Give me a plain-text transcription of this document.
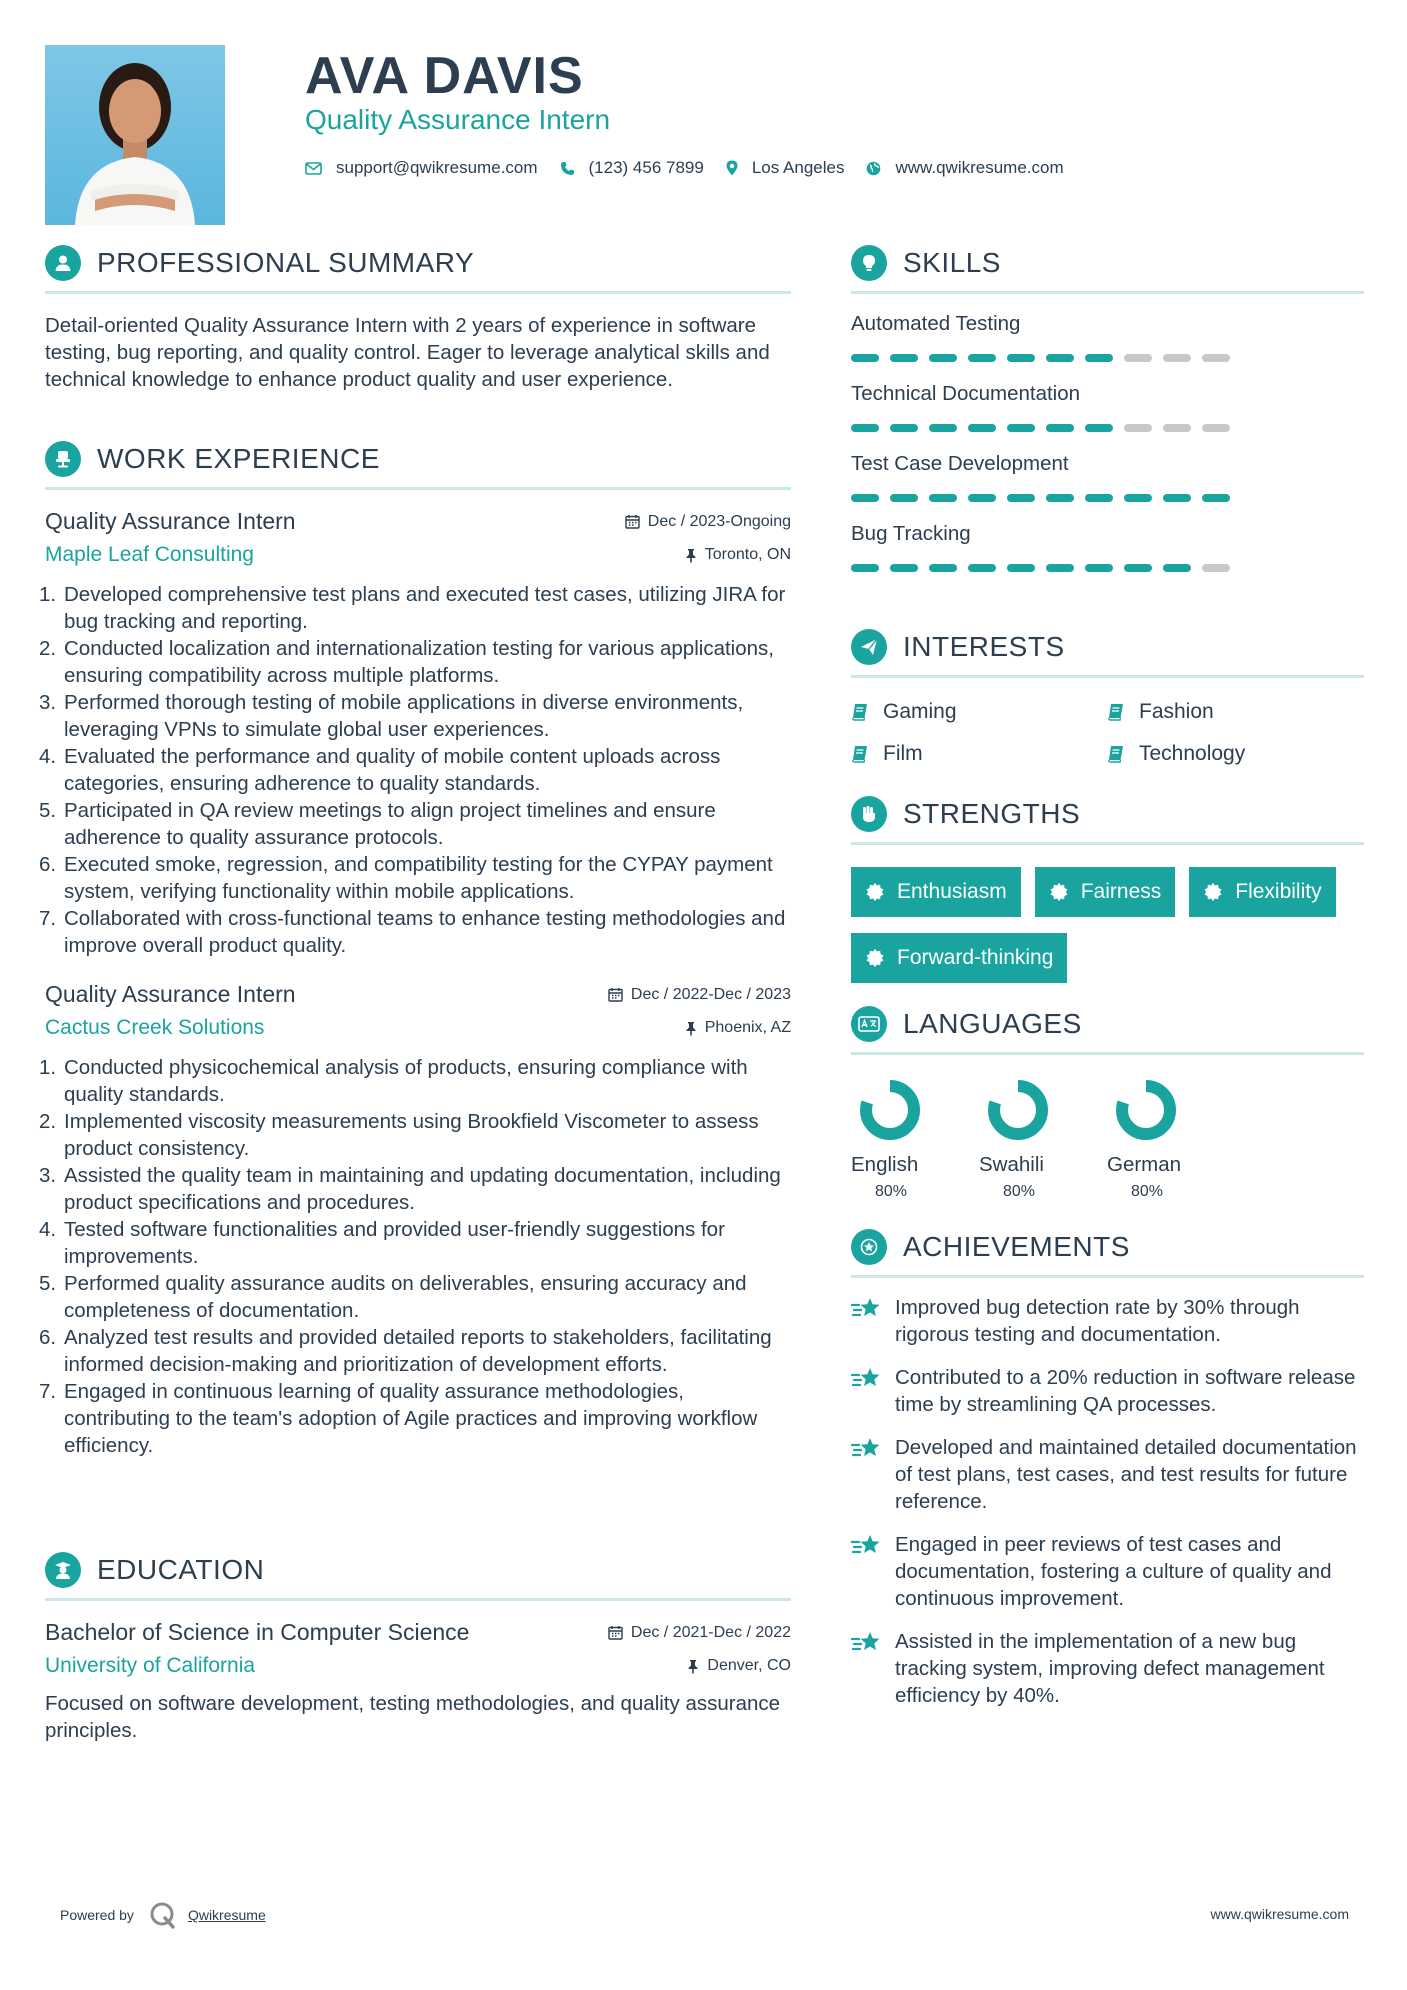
AVA DAVIS
Quality Assurance Intern
support@qwikresume.com	(123) 456 7899	Los Angeles	www.qwikresume.com
PROFESSIONAL SUMMARY

Detail-oriented Quality Assurance Intern with 2 years of experience in software testing, bug reporting, and quality control. Eager to leverage analytical skills and technical knowledge to enhance product quality and user experience.

WORK EXPERIENCE
Quality Assurance Intern	Dec / 2023-Ongoing
Maple Leaf Consulting	Toronto, ON
1. Developed comprehensive test plans and executed test cases, utilizing JIRA for bug tracking and reporting.
2. Conducted localization and internationalization testing for various applications, ensuring compatibility across multiple platforms.
3. Performed thorough testing of mobile applications in diverse environments, leveraging VPNs to simulate global user experiences.
4. Evaluated the performance and quality of mobile content uploads across categories, ensuring adherence to quality standards.
5. Participated in QA review meetings to align project timelines and ensure adherence to quality assurance protocols.
6. Executed smoke, regression, and compatibility testing for the CYPAY payment system, verifying functionality within mobile applications.
7. Collaborated with cross-functional teams to enhance testing methodologies and improve overall product quality.
Quality Assurance Intern	Dec / 2022-Dec / 2023
Cactus Creek Solutions	Phoenix, AZ
1. Conducted physicochemical analysis of products, ensuring compliance with quality standards.
2. Implemented viscosity measurements using Brookfield Viscometer to assess product consistency.
3. Assisted the quality team in maintaining and updating documentation, including product specifications and procedures.
4. Tested software functionalities and provided user-friendly suggestions for improvements.
5. Performed quality assurance audits on deliverables, ensuring accuracy and completeness of documentation.
6. Analyzed test results and provided detailed reports to stakeholders, facilitating informed decision-making and prioritization of development efforts.
7. Engaged in continuous learning of quality assurance methodologies, contributing to the team's adoption of Agile practices and improving workflow efficiency.
EDUCATION
Bachelor of Science in Computer Science	Dec / 2021-Dec / 2022
University of California	Denver, CO

Focused on software development, testing methodologies, and quality assurance principles.

SKILLS
Automated Testing
Technical Documentation
Test Case Development
Bug Tracking
INTERESTS
Gaming	Fashion
Film	Technology
STRENGTHS
Enthusiasm	Fairness	Flexibility
Forward-thinking
LANGUAGES
English
80%
Swahili
80%
German
80%
ACHIEVEMENTS
Improved bug detection rate by 30% through rigorous testing and documentation.
Contributed to a 20% reduction in software release time by streamlining QA processes.
Developed and maintained detailed documentation of test plans, test cases, and test results for future reference.
Engaged in peer reviews of test cases and documentation, fostering a culture of quality and continuous improvement.
Assisted in the implementation of a new bug tracking system, improving defect management efficiency by 40%.
Powered by	Qwikresume	www.qwikresume.com
